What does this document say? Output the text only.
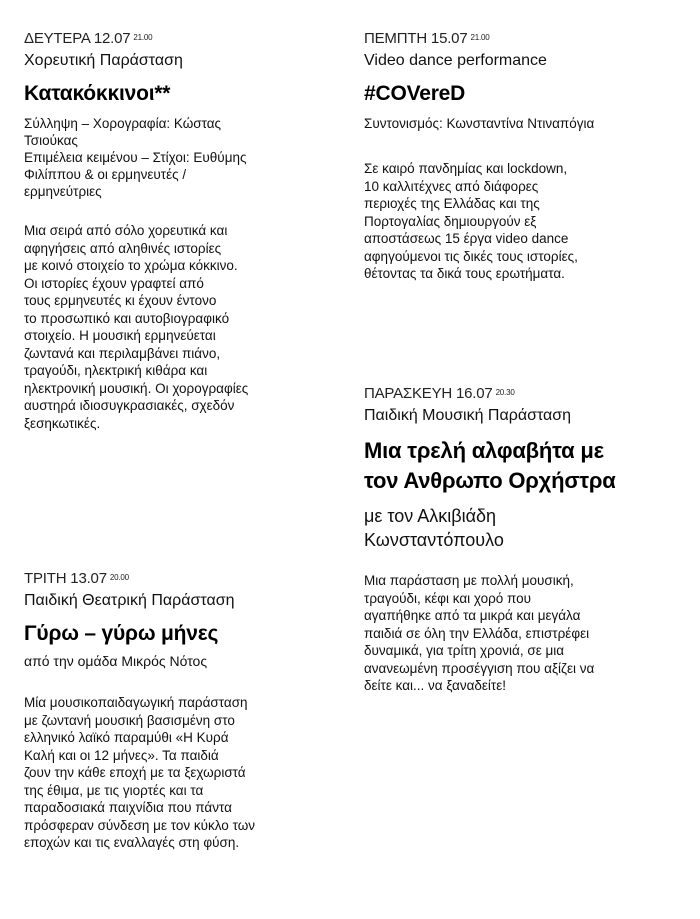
ΔΕΥΤΕΡΑ 12.07 $^{21.00}$
Χορευτική Παράσταση
Κατακόκκινοι**
Σύλληψη – Χορογραφία: Κώστας
Τσιούκας
Επιμέλεια κειμένου – Στίχοι: Ευθύμης
Φιλίππου & οι ερμηνευτές /
ερμηνεύτριες
Μια σειρά από σόλο χορευτικά και
αφηγήσεις από αληθινές ιστορίες
με κοινό στοιχείο το χρώμα κόκκινο.
Οι ιστορίες έχουν γραφτεί από
τους ερμηνευτές κι έχουν έντονο
το προσωπικό και αυτοβιογραφικό
στοιχείο. Η μουσική ερμηνεύεται
ζωντανά και περιλαμβάνει πιάνο,
τραγούδι, ηλεκτρική κιθάρα και
ηλεκτρονική μουσική. Οι χορογραφίες
αυστηρά ιδιοσυγκρασιακές, σχεδόν
ξεσηκωτικές.
ΤΡΙΤΗ 13.07 $^{20.00}$
Παιδική Θεατρική Παράσταση
Γύρω – γύρω μήνες
από την ομάδα Μικρός Νότος
Μία μουσικοπαιδαγωγική παράσταση
με ζωντανή μουσική βασισμένη στο
ελληνικό λαϊκό παραμύθι «Η Κυρά
Καλή και οι 12 μήνες». Τα παιδιά
ζουν την κάθε εποχή με τα ξεχωριστά
της έθιμα, με τις γιορτές και τα
παραδοσιακά παιχνίδια που πάντα
πρόσφεραν σύνδεση με τον κύκλο των
εποχών και τις εναλλαγές στη φύση.
ΠΕΜΠΤΗ 15.07 $^{21.00}$
Video dance performance
#COVereD
Συντονισμός: Κωνσταντίνα Ντιναπόγια
Σε καιρό πανδημίας και lockdown,
10 καλλιτέχνες από διάφορες
περιοχές της Ελλάδας και της
Πορτογαλίας δημιουργούν εξ
αποστάσεως 15 έργα video dance
αφηγούμενοι τις δικές τους ιστορίες,
θέτοντας τα δικά τους ερωτήματα.
ΠΑΡΑΣΚΕΥΗ 16.07 $^{20.30}$
Παιδική Μουσική Παράσταση
Μια τρελή αλφαβήτα με
τον Ανθρωπο Ορχήστρα
με τον Αλκιβιάδη
Κωνσταντόπουλο
Μια παράσταση με πολλή μουσική,
τραγούδι, κέφι και χορό που
αγαπήθηκε από τα μικρά και μεγάλα
παιδιά σε όλη την Ελλάδα, επιστρέφει
δυναμικά, για τρίτη χρονιά, σε μια
ανανεωμένη προσέγγιση που αξίζει να
δείτε και... να ξαναδείτε!
